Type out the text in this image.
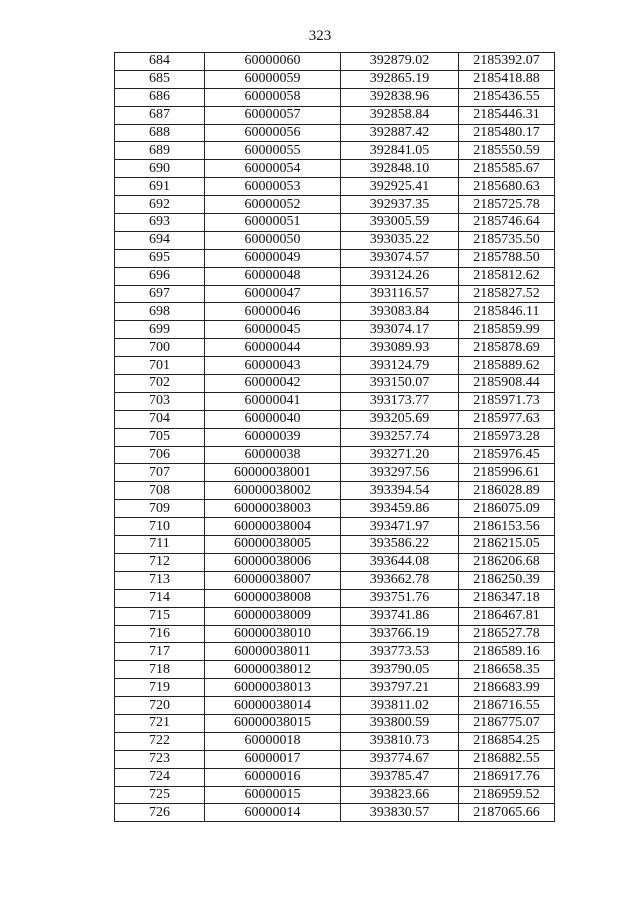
323
684	60000060	392879.02	2185392.07
685	60000059	392865.19	2185418.88
686	60000058	392838.96	2185436.55
687	60000057	392858.84	2185446.31
688	60000056	392887.42	2185480.17
689	60000055	392841.05	2185550.59
690	60000054	392848.10	2185585.67
691	60000053	392925.41	2185680.63
692	60000052	392937.35	2185725.78
693	60000051	393005.59	2185746.64
694	60000050	393035.22	2185735.50
695	60000049	393074.57	2185788.50
696	60000048	393124.26	2185812.62
697	60000047	393116.57	2185827.52
698	60000046	393083.84	2185846.11
699	60000045	393074.17	2185859.99
700	60000044	393089.93	2185878.69
701	60000043	393124.79	2185889.62
702	60000042	393150.07	2185908.44
703	60000041	393173.77	2185971.73
704	60000040	393205.69	2185977.63
705	60000039	393257.74	2185973.28
706	60000038	393271.20	2185976.45
707	60000038001	393297.56	2185996.61
708	60000038002	393394.54	2186028.89
709	60000038003	393459.86	2186075.09
710	60000038004	393471.97	2186153.56
711	60000038005	393586.22	2186215.05
712	60000038006	393644.08	2186206.68
713	60000038007	393662.78	2186250.39
714	60000038008	393751.76	2186347.18
715	60000038009	393741.86	2186467.81
716	60000038010	393766.19	2186527.78
717	60000038011	393773.53	2186589.16
718	60000038012	393790.05	2186658.35
719	60000038013	393797.21	2186683.99
720	60000038014	393811.02	2186716.55
721	60000038015	393800.59	2186775.07
722	60000018	393810.73	2186854.25
723	60000017	393774.67	2186882.55
724	60000016	393785.47	2186917.76
725	60000015	393823.66	2186959.52
726	60000014	393830.57	2187065.66
